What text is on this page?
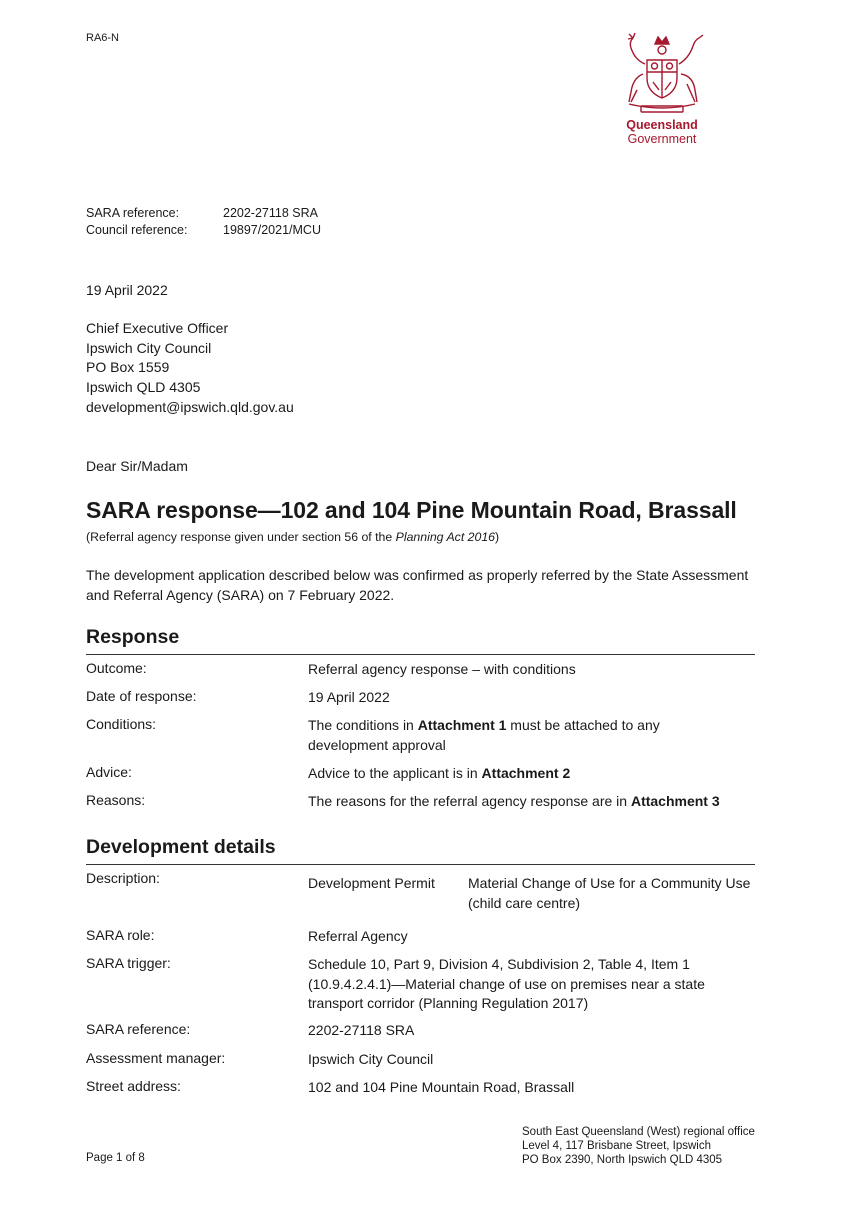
RA6-N
Queensland
Government
SARA reference:	2202-27118 SRA
Council reference:	19897/2021/MCU
19 April 2022
Chief Executive Officer
Ipswich City Council
PO Box 1559
Ipswich QLD 4305
development@ipswich.qld.gov.au
Dear Sir/Madam
SARA response—102 and 104 Pine Mountain Road, Brassall
(Referral agency response given under section 56 of the Planning Act 2016)
The development application described below was confirmed as properly referred by the State Assessment and Referral Agency (SARA) on 7 February 2022.
Response
Outcome:	Referral agency response – with conditions
Date of response:	19 April 2022
Conditions:	The conditions in Attachment 1 must be attached to any development approval
Advice:	Advice to the applicant is in Attachment 2
Reasons:	The reasons for the referral agency response are in Attachment 3
Development details
Description:	Development Permit	Material Change of Use for a Community Use (child care centre)
SARA role:	Referral Agency
SARA trigger:	Schedule 10, Part 9, Division 4, Subdivision 2, Table 4, Item 1 (10.9.4.2.4.1)—Material change of use on premises near a state transport corridor (Planning Regulation 2017)
SARA reference:	2202-27118 SRA
Assessment manager:	Ipswich City Council
Street address:	102 and 104 Pine Mountain Road, Brassall
Page 1 of 8
South East Queensland (West) regional office
Level 4, 117 Brisbane Street, Ipswich
PO Box 2390, North Ipswich QLD 4305
